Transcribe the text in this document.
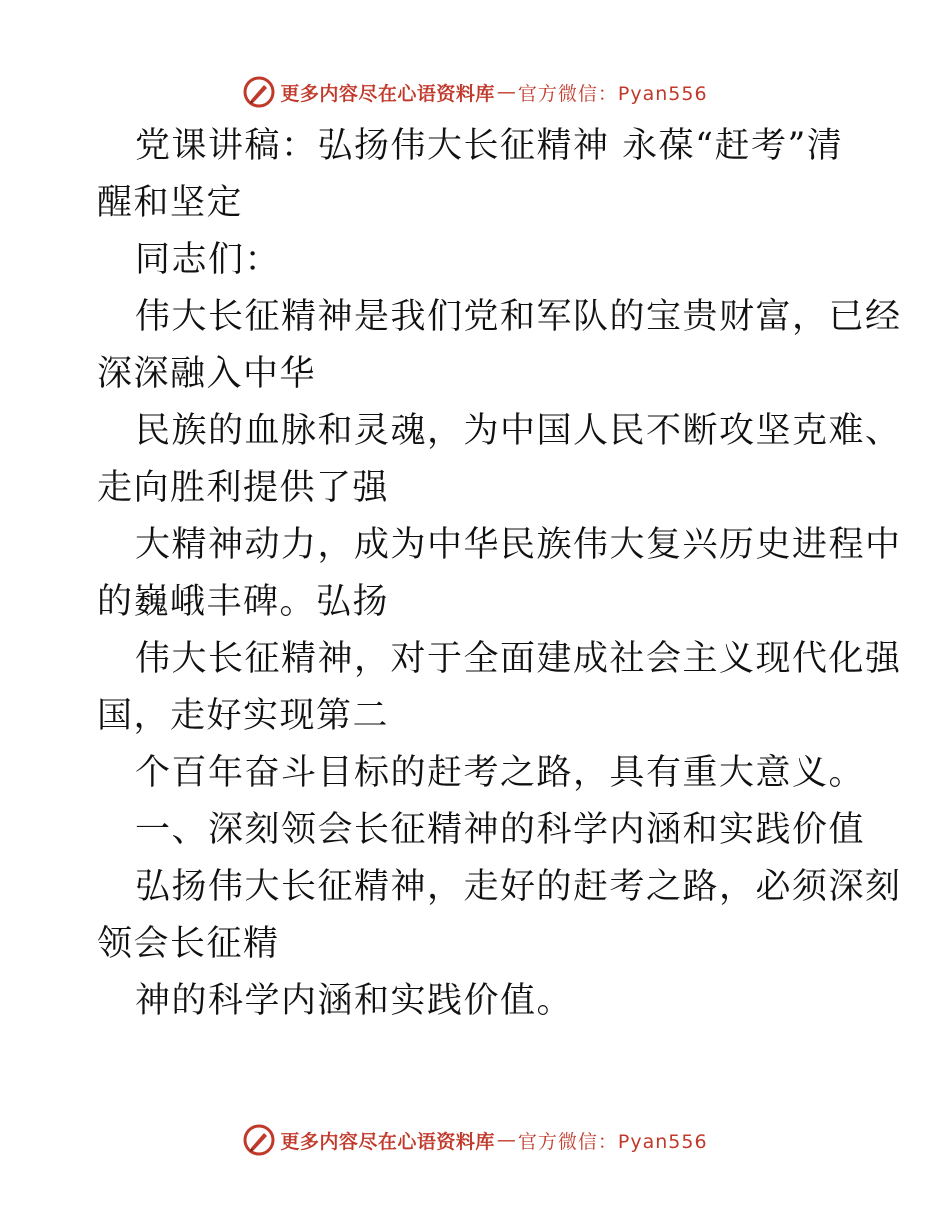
更多内容尽在心语资料库 — 官方微信：Pyan556
党课讲稿：弘扬伟大长征精神 永葆“赶考”清
醒和坚定
同志们：
伟大长征精神是我们党和军队的宝贵财富，已经
深深融入中华
民族的血脉和灵魂，为中国人民不断攻坚克难、
走向胜利提供了强
大精神动力，成为中华民族伟大复兴历史进程中
的巍峨丰碑。弘扬
伟大长征精神，对于全面建成社会主义现代化强
国，走好实现第二
个百年奋斗目标的赶考之路，具有重大意义。
一、深刻领会长征精神的科学内涵和实践价值
弘扬伟大长征精神，走好的赶考之路，必须深刻
领会长征精
神的科学内涵和实践价值。
更多内容尽在心语资料库 — 官方微信：Pyan556
